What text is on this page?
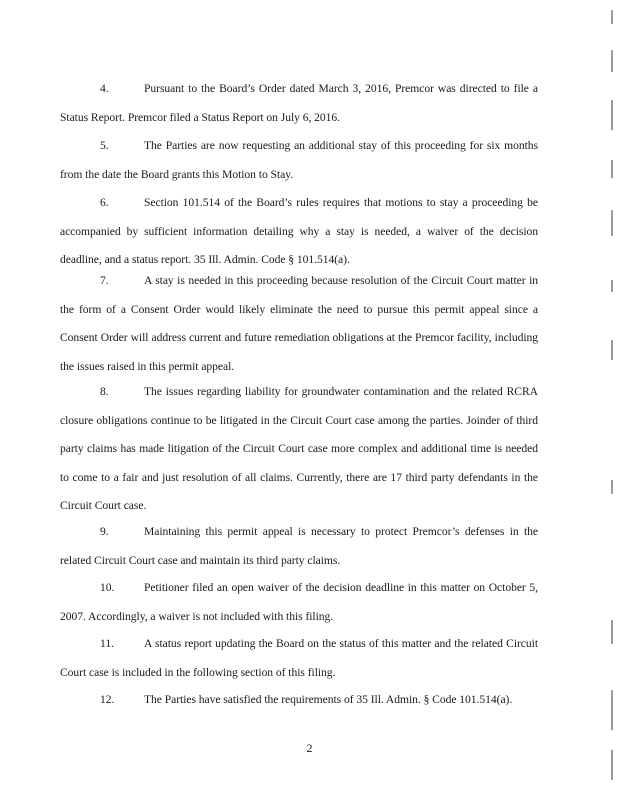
4.	Pursuant to the Board’s Order dated March 3, 2016, Premcor was directed to file a Status Report. Premcor filed a Status Report on July 6, 2016.

5.	The Parties are now requesting an additional stay of this proceeding for six months from the date the Board grants this Motion to Stay.

6.	Section 101.514 of the Board’s rules requires that motions to stay a proceeding be accompanied by sufficient information detailing why a stay is needed, a waiver of the decision deadline, and a status report. 35 Ill. Admin. Code § 101.514(a).

7.	A stay is needed in this proceeding because resolution of the Circuit Court matter in the form of a Consent Order would likely eliminate the need to pursue this permit appeal since a Consent Order will address current and future remediation obligations at the Premcor facility, including the issues raised in this permit appeal.

8.	The issues regarding liability for groundwater contamination and the related RCRA closure obligations continue to be litigated in the Circuit Court case among the parties. Joinder of third party claims has made litigation of the Circuit Court case more complex and additional time is needed to come to a fair and just resolution of all claims. Currently, there are 17 third party defendants in the Circuit Court case.

9.	Maintaining this permit appeal is necessary to protect Premcor’s defenses in the related Circuit Court case and maintain its third party claims.

10.	Petitioner filed an open waiver of the decision deadline in this matter on October 5, 2007. Accordingly, a waiver is not included with this filing.

11.	A status report updating the Board on the status of this matter and the related Circuit Court case is included in the following section of this filing.

12.	The Parties have satisfied the requirements of 35 Ill. Admin. § Code 101.514(a).

2
